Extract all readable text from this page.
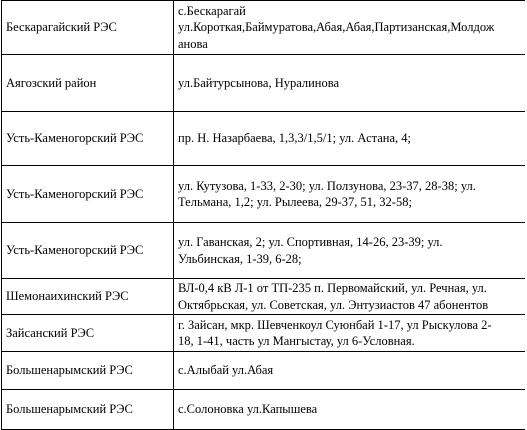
Бескарагайский РЭС	с.Бескарагай
ул.Короткая,Баймуратова,Абая,Абая,Партизанская,Молдож
анова
Аягозский район	ул.Байтурсынова, Нуралинова
Усть-Каменогорский РЭС	пр. Н. Назарбаева, 1,3,3/1,5/1; ул. Астана, 4;
Усть-Каменогорский РЭС	ул. Кутузова, 1-33, 2-30; ул. Ползунова, 23-37, 28-38; ул.
Тельмана, 1,2; ул. Рылеева, 29-37, 51, 32-58;
Усть-Каменогорский РЭС	ул. Гаванская, 2; ул. Спортивная, 14-26, 23-39; ул.
Ульбинская, 1-39, 6-28;
Шемонаихинский РЭС	ВЛ-0,4 кВ Л-1 от ТП-235 п. Первомайский, ул. Речная, ул.
Октябрьская, ул. Советская, ул. Энтузиастов 47 абонентов
Зайсанский РЭС	г. Зайсан, мкр. Шевченкоул Суюнбай 1-17, ул Рыскулова 2-
18, 1-41, часть ул Мангыстау, ул 6-Условная.
Большенарымский РЭС	с.Алыбай ул.Абая
Большенарымский РЭС	с.Солоновка ул.Капышева
